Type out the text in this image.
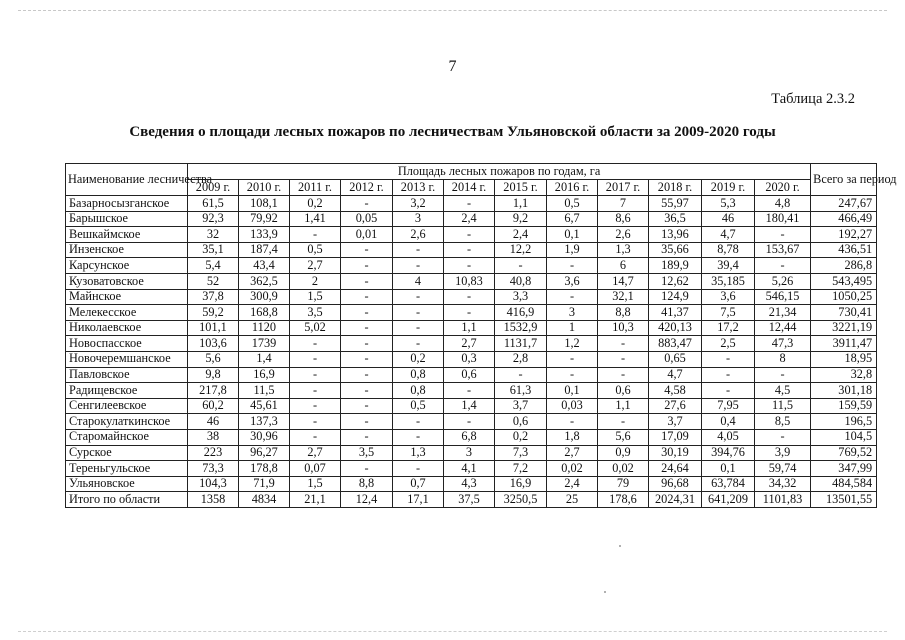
7
Таблица 2.3.2
Сведения о площади лесных пожаров по лесничествам Ульяновской области за 2009-2020 годы
Наименование лесничества	Площадь лесных пожаров по годам, га												Всего за период
	2009 г.	2010 г.	2011 г.	2012 г.	2013 г.	2014 г.	2015 г.	2016 г.	2017 г.	2018 г.	2019 г.	2020 г.	
Базарносызганское	61,5	108,1	0,2	-	3,2	-	1,1	0,5	7	55,97	5,3	4,8	247,67
Барышское	92,3	79,92	1,41	0,05	3	2,4	9,2	6,7	8,6	36,5	46	180,41	466,49
Вешкаймское	32	133,9	-	0,01	2,6	-	2,4	0,1	2,6	13,96	4,7	-	192,27
Инзенское	35,1	187,4	0,5	-	-	-	12,2	1,9	1,3	35,66	8,78	153,67	436,51
Карсунское	5,4	43,4	2,7	-	-	-	-	-	6	189,9	39,4	-	286,8
Кузоватовское	52	362,5	2	-	4	10,83	40,8	3,6	14,7	12,62	35,185	5,26	543,495
Майнское	37,8	300,9	1,5	-	-	-	3,3	-	32,1	124,9	3,6	546,15	1050,25
Мелекесское	59,2	168,8	3,5	-	-	-	416,9	3	8,8	41,37	7,5	21,34	730,41
Николаевское	101,1	1120	5,02	-	-	1,1	1532,9	1	10,3	420,13	17,2	12,44	3221,19
Новоспасское	103,6	1739	-	-	-	2,7	1131,7	1,2	-	883,47	2,5	47,3	3911,47
Новочеремшанское	5,6	1,4	-	-	0,2	0,3	2,8	-	-	0,65	-	8	18,95
Павловское	9,8	16,9	-	-	0,8	0,6	-	-	-	4,7	-	-	32,8
Радищевское	217,8	11,5	-	-	0,8	-	61,3	0,1	0,6	4,58	-	4,5	301,18
Сенгилеевское	60,2	45,61	-	-	0,5	1,4	3,7	0,03	1,1	27,6	7,95	11,5	159,59
Старокулаткинское	46	137,3	-	-	-	-	0,6	-	-	3,7	0,4	8,5	196,5
Старомайнское	38	30,96	-	-	-	6,8	0,2	1,8	5,6	17,09	4,05	-	104,5
Сурское	223	96,27	2,7	3,5	1,3	3	7,3	2,7	0,9	30,19	394,76	3,9	769,52
Тереньгульское	73,3	178,8	0,07	-	-	4,1	7,2	0,02	0,02	24,64	0,1	59,74	347,99
Ульяновское	104,3	71,9	1,5	8,8	0,7	4,3	16,9	2,4	79	96,68	63,784	34,32	484,584
Итого по области	1358	4834	21,1	12,4	17,1	37,5	3250,5	25	178,6	2024,31	641,209	1101,83	13501,55
